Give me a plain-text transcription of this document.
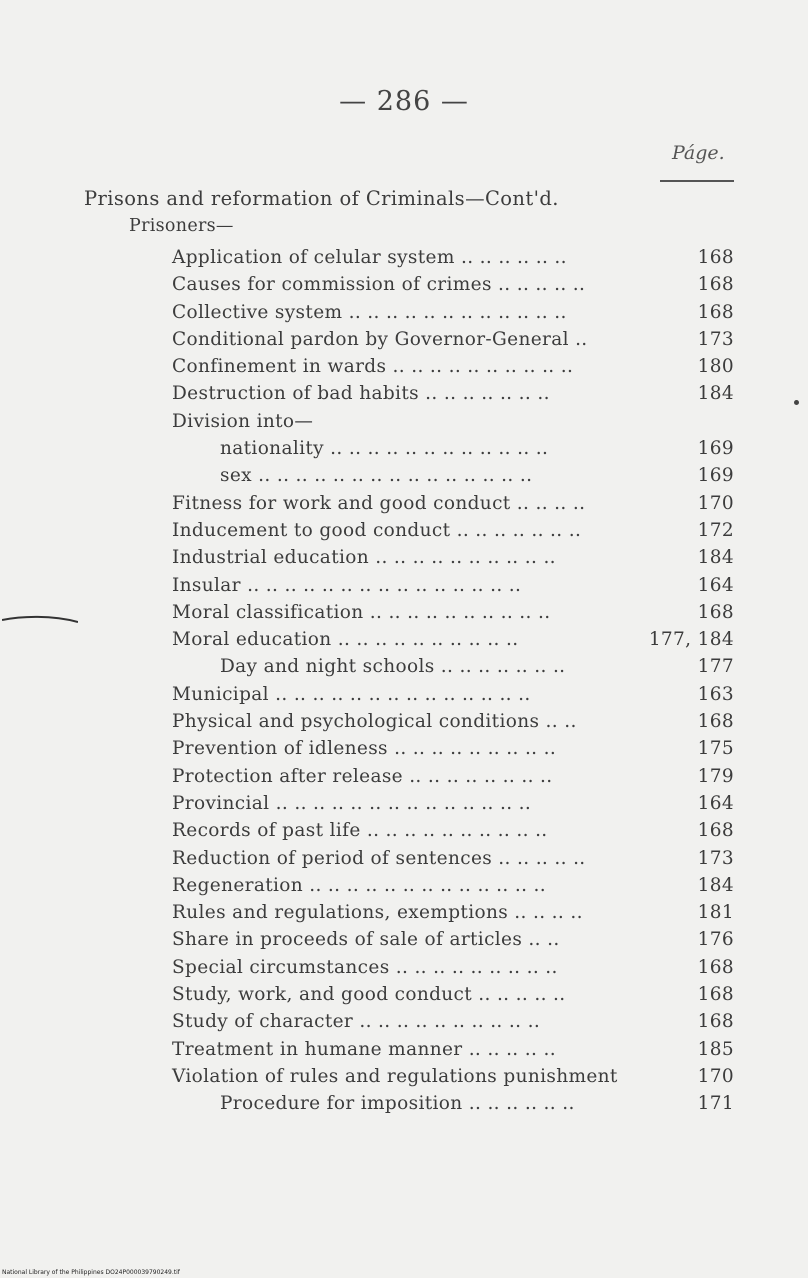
— 286 —
Páge.
Prisons and reformation of Criminals—Cont'd.
Prisoners—
Application of celular system .. .. .. .. .. ..	168
Causes for commission of crimes .. .. .. .. ..	168
Collective system .. .. .. .. .. .. .. .. .. .. .. ..	168
Conditional pardon by Governor-General ..	173
Confinement in wards .. .. .. .. .. .. .. .. .. ..	180
Destruction of bad habits .. .. .. .. .. .. ..	184
Division into—
nationality .. .. .. .. .. .. .. .. .. .. .. ..	169
sex .. .. .. .. .. .. .. .. .. .. .. .. .. .. ..	169
Fitness for work and good conduct .. .. .. ..	170
Inducement to good conduct .. .. .. .. .. .. ..	172
Industrial education .. .. .. .. .. .. .. .. .. ..	184
Insular .. .. .. .. .. .. .. .. .. .. .. .. .. .. ..	164
Moral classification .. .. .. .. .. .. .. .. .. ..	168
Moral education .. .. .. .. .. .. .. .. .. ..	177, 184
Day and night schools .. .. .. .. .. .. ..	177
Municipal .. .. .. .. .. .. .. .. .. .. .. .. .. ..	163
Physical and psychological conditions .. ..	168
Prevention of idleness .. .. .. .. .. .. .. .. ..	175
Protection after release .. .. .. .. .. .. .. ..	179
Provincial .. .. .. .. .. .. .. .. .. .. .. .. .. ..	164
Records of past life .. .. .. .. .. .. .. .. .. ..	168
Reduction of period of sentences .. .. .. .. ..	173
Regeneration .. .. .. .. .. .. .. .. .. .. .. .. ..	184
Rules and regulations, exemptions .. .. .. ..	181
Share in proceeds of sale of articles .. ..	176
Special circumstances .. .. .. .. .. .. .. .. ..	168
Study, work, and good conduct .. .. .. .. ..	168
Study of character .. .. .. .. .. .. .. .. .. ..	168
Treatment in humane manner .. .. .. .. ..	185
Violation of rules and regulations punishment	170
Procedure for imposition .. .. .. .. .. ..	171
National Library of the Philippines DO24P000039790249.tif
